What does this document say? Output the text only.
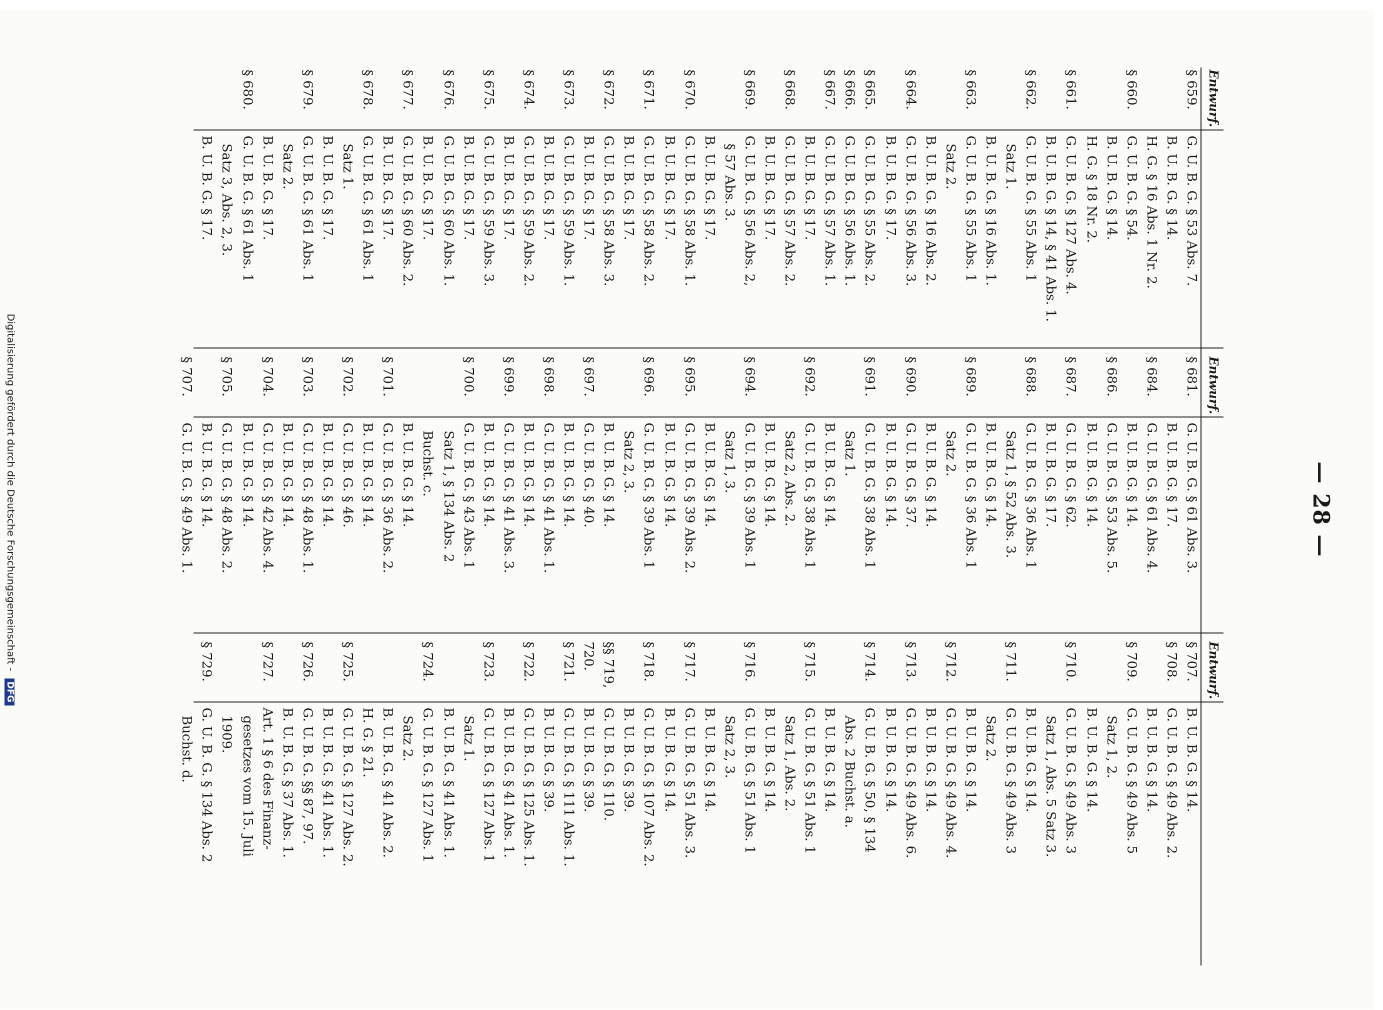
— 28 —
Entwurf.
§ 659.
G. U. B. G. § 53 Abs. 7.
B. U. B. G. § 14.
H. G. § 16 Abs. 1 Nr. 2.
§ 660.
G. U. B. G. § 54.
B. U. B. G. § 14.
H. G. § 18 Nr. 2.
§ 661.
G. U. B. G. § 127 Abs. 4.
B. U. B. G. § 14, § 41 Abs. 1.
§ 662.
G. U. B. G. § 55 Abs. 1
Satz 1.
B. U. B. G. § 16 Abs. 1.
§ 663.
G. U. B. G. § 55 Abs. 1
Satz 2.
B. U. B. G. § 16 Abs. 2.
§ 664.
G. U. B. G. § 56 Abs. 3.
B. U. B. G. § 17.
§ 665.
G. U. B. G. § 55 Abs. 2.
§ 666.
G. U. B. G. § 56 Abs. 1.
§ 667.
G. U. B. G. § 57 Abs. 1.
B. U. B. G. § 17.
§ 668.
G. U. B. G. § 57 Abs. 2.
B. U. B. G. § 17.
§ 669.
G. U. B. G. § 56 Abs. 2,
§ 57 Abs. 3.
B. U. B. G. § 17.
§ 670.
G. U. B. G. § 58 Abs. 1.
B. U. B. G. § 17.
§ 671.
G. U. B. G. § 58 Abs. 2.
B. U. B. G. § 17.
§ 672.
G. U. B. G. § 58 Abs. 3.
B. U. B. G. § 17.
§ 673.
G. U. B. G. § 59 Abs. 1.
B. U. B. G. § 17.
§ 674.
G. U. B. G. § 59 Abs. 2.
B. U. B. G. § 17.
§ 675.
G. U. B. G. § 59 Abs. 3.
B. U. B. G. § 17.
§ 676.
G. U. B. G. § 60 Abs. 1.
B. U. B. G. § 17.
§ 677.
G. U. B. G. § 60 Abs. 2.
B. U. B. G. § 17.
§ 678.
G. U. B. G. § 61 Abs. 1
Satz 1.
B. U. B. G. § 17.
§ 679.
G. U. B. G. § 61 Abs. 1
Satz 2.
B. U. B. G. § 17.
§ 680.
G. U. B. G. § 61 Abs. 1
Satz 3, Abs. 2, 3.
B. U. B. G. § 17.
Entwurf.
§ 681.
G. U. B. G. § 61 Abs. 3.
B. U. B. G. § 17.
§ 684.
G. U. B. G. § 61 Abs. 4.
B. U. B. G. § 14.
§ 686.
G. U. B. G. § 53 Abs. 5.
B. U. B. G. § 14.
§ 687.
G. U. B. G. § 62.
B. U. B. G. § 17.
§ 688.
G. U. B. G. § 36 Abs. 1
Satz 1, § 52 Abs. 3.
B. U. B. G. § 14.
§ 689.
G. U. B. G. § 36 Abs. 1
Satz 2.
B. U. B. G. § 14.
§ 690.
G. U. B. G. § 37.
B. U. B. G. § 14.
§ 691.
G. U. B. G. § 38 Abs. 1
Satz 1.
B. U. B. G. § 14.
§ 692.
G. U. B. G. § 38 Abs. 1
Satz 2, Abs. 2.
B. U. B. G. § 14.
§ 694.
G. U. B. G. § 39 Abs. 1
Satz 1, 3.
B. U. B. G. § 14.
§ 695.
G. U. B. G. § 39 Abs. 2.
B. U. B. G. § 14.
§ 696.
G. U. B. G. § 39 Abs. 1
Satz 2, 3.
B. U. B. G. § 14.
§ 697.
G. U. B. G. § 40.
B. U. B. G. § 14.
§ 698.
G. U. B. G. § 41 Abs. 1.
B. U. B. G. § 14.
§ 699.
G. U. B. G. § 41 Abs. 3.
B. U. B. G. § 14.
§ 700.
G. U. B. G. § 43 Abs. 1
Satz 1, § 134 Abs. 2
Buchst. c.
B. U. B. G. § 14.
§ 701.
G. U. B. G. § 36 Abs. 2.
B. U. B. G. § 14.
§ 702.
G. U. B. G. § 46.
B. U. B. G. § 14.
§ 703.
G. U. B. G. § 48 Abs. 1.
B. U. B. G. § 14.
§ 704.
G. U. B. G. § 42 Abs. 4.
B. U. B. G. § 14.
§ 705.
G. U. B. G. § 48 Abs. 2.
B. U. B. G. § 14.
§ 707.
G. U. B. G. § 49 Abs. 1.
Entwurf.
§ 707.
B. U. B. G. § 14.
§ 708.
G. U. B. G. § 49 Abs. 2.
B. U. B. G. § 14.
§ 709.
G. U. B. G. § 49 Abs. 5
Satz 1, 2.
B. U. B. G. § 14.
§ 710.
G. U. B. G. § 49 Abs. 3
Satz 1, Abs. 5 Satz 3.
B. U. B. G. § 14.
§ 711.
G. U. B. G. § 49 Abs. 3
Satz 2.
B. U. B. G. § 14.
§ 712.
G. U. B. G. § 49 Abs. 4.
B. U. B. G. § 14.
§ 713.
G. U. B. G. § 49 Abs. 6.
B. U. B. G. § 14.
§ 714.
G. U. B. G. § 50, § 134
Abs. 2 Buchst. a.
B. U. B. G. § 14.
§ 715.
G. U. B. G. § 51 Abs. 1
Satz 1, Abs. 2.
B. U. B. G. § 14.
§ 716.
G. U. B. G. § 51 Abs. 1
Satz 2, 3.
B. U. B. G. § 14.
§ 717.
G. U. B. G. § 51 Abs. 3.
B. U. B. G. § 14.
§ 718.
G. U. B. G. § 107 Abs. 2.
B. U. B. G. § 39.
§§ 719,
G. U. B. G. § 110.
720.
B. U. B. G. § 39.
§ 721.
G. U. B. G. § 111 Abs. 1.
B. U. B. G. § 39.
§ 722.
G. U. B. G. § 125 Abs. 1.
B. U. B. G. § 41 Abs. 1.
§ 723.
G. U. B. G. § 127 Abs. 1
Satz 1.
B. U. B. G. § 41 Abs. 1.
§ 724.
G. U. B. G. § 127 Abs. 1
Satz 2.
B. U. B. G. § 41 Abs. 2.
H. G. § 21.
§ 725.
G. U. B. G. § 127 Abs. 2.
B. U. B. G. § 41 Abs. 1.
§ 726.
G. U. B. G. §§ 87, 97.
B. U. B. G. § 37 Abs. 1.
§ 727.
Art. 1 § 6 des Finanz-
gesetzes vom 15. Juli
1909.
§ 729.
G. U. B. G. § 134 Abs. 2
Buchst. d.
Digitalisierung gefördert durch die Deutsche Forschungsgemeinschaft - DFG
